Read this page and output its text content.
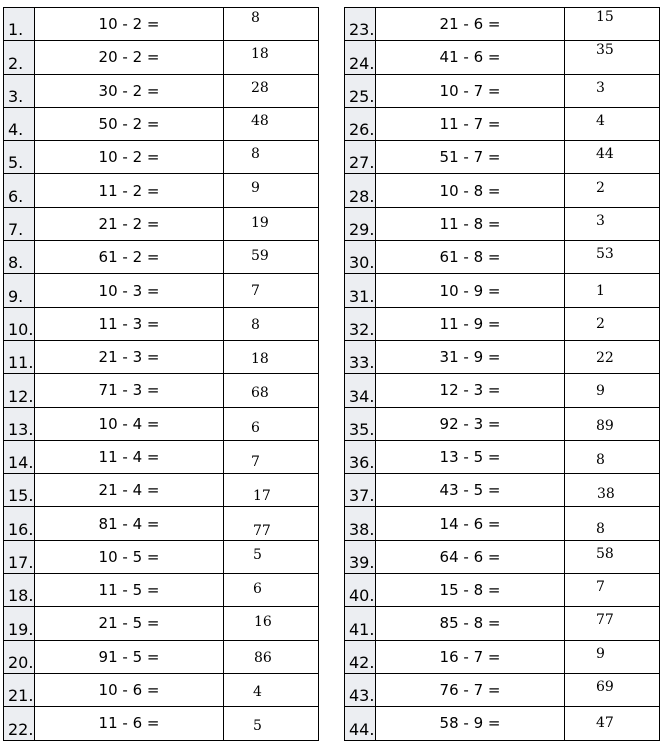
1.	10 - 2 =	8
2.	20 - 2 =	18
3.	30 - 2 =	28
4.	50 - 2 =	48
5.	10 - 2 =	8
6.	11 - 2 =	9
7.	21 - 2 =	19
8.	61 - 2 =	59
9.	10 - 3 =	7
10.	11 - 3 =	8
11.	21 - 3 =	18
12.	71 - 3 =	68
13.	10 - 4 =	6
14.	11 - 4 =	7
15.	21 - 4 =	17
16.	81 - 4 =	77
17.	10 - 5 =	5
18.	11 - 5 =	6
19.	21 - 5 =	16
20.	91 - 5 =	86
21.	10 - 6 =	4
22.	11 - 6 =	5
23.	21 - 6 =	15
24.	41 - 6 =	35
25.	10 - 7 =	3
26.	11 - 7 =	4
27.	51 - 7 =	44
28.	10 - 8 =	2
29.	11 - 8 =	3
30.	61 - 8 =	53
31.	10 - 9 =	1
32.	11 - 9 =	2
33.	31 - 9 =	22
34.	12 - 3 =	9
35.	92 - 3 =	89
36.	13 - 5 =	8
37.	43 - 5 =	38
38.	14 - 6 =	8
39.	64 - 6 =	58
40.	15 - 8 =	7
41.	85 - 8 =	77
42.	16 - 7 =	9
43.	76 - 7 =	69
44.	58 - 9 =	47
